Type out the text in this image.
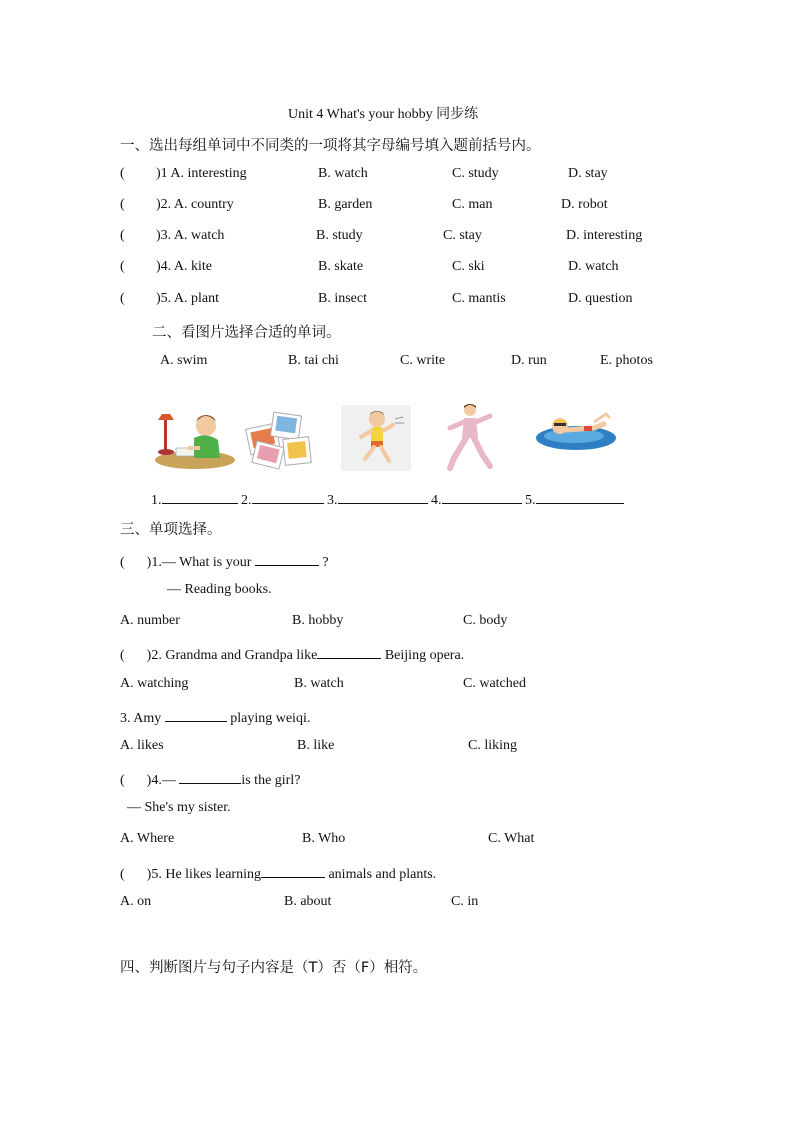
Unit 4 What's your hobby 同步练
一、选出每组单词中不同类的一项将其字母编号填入题前括号内。
( )1 A. interesting	B. watch	C. study	D. stay
( )2. A. country	B. garden	C. man	D. robot
( )3. A. watch	B. study	C. stay	D. interesting
( )4. A. kite	B. skate	C. ski	D. watch
( )5. A. plant	B. insect	C. mantis	D. question
二、看图片选择合适的单词。
A. swim	B. tai chi	C. write	D. run	E. photos
1.	2.	3.	4.	5.
三、单项选择。
( )1.— What is your	?
— Reading books.
A. number	B. hobby	C. body
( )2. Grandma and Grandpa like	Beijing opera.
A. watching	B. watch	C. watched
3. Amy	playing weiqi.
A. likes	B. like	C. liking
( )4.—	is the girl?
— She's my sister.
A. Where	B. Who	C. What
( )5. He likes learning	animals and plants.
A. on	B. about	C. in
四、判断图片与句子内容是（T）否（F）相符。
